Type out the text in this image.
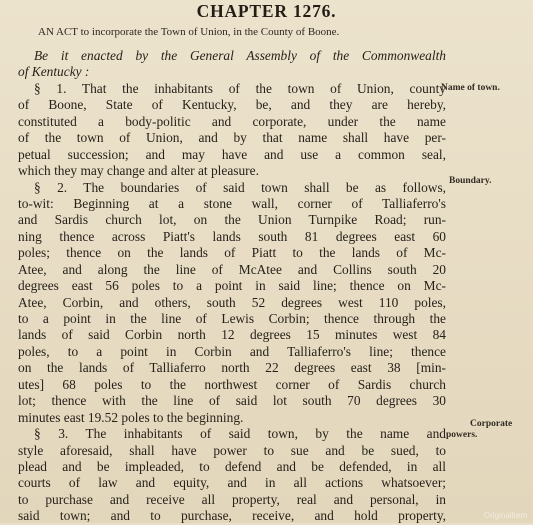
CHAPTER 1276.
AN ACT to incorporate the Town of Union, in the County of Boone.
Be it enacted by the General Assembly of the Commonwealth
of Kentucky :
§ 1. That the inhabitants of the town of Union, county
of Boone, State of Kentucky, be, and they are hereby,
constituted a body-politic and corporate, under the name
of the town of Union, and by that name shall have per-
petual succession; and may have and use a common seal,
which they may change and alter at pleasure.
§ 2. The boundaries of said town shall be as follows,
to-wit: Beginning at a stone wall, corner of Talliaferro's
and Sardis church lot, on the Union Turnpike Road; run-
ning thence across Piatt's lands south 81 degrees east 60
poles; thence on the lands of Piatt to the lands of Mc-
Atee, and along the line of McAtee and Collins south 20
degrees east 56 poles to a point in said line; thence on Mc-
Atee, Corbin, and others, south 52 degrees west 110 poles,
to a point in the line of Lewis Corbin; thence through the
lands of said Corbin north 12 degrees 15 minutes west 84
poles, to a point in Corbin and Talliaferro's line; thence
on the lands of Talliaferro north 22 degrees east 38 [min-
utes] 68 poles to the northwest corner of Sardis church
lot; thence with the line of said lot south 70 degrees 30
minutes east 19.52 poles to the beginning.
§ 3. The inhabitants of said town, by the name and
style aforesaid, shall have power to sue and be sued, to
plead and be impleaded, to defend and be defended, in all
courts of law and equity, and in all actions whatsoever;
to purchase and receive all property, real and personal, in
said town; and to purchase, receive, and hold property,
Name of town.
Boundary.
Corporate
powers.
OriginalItem
